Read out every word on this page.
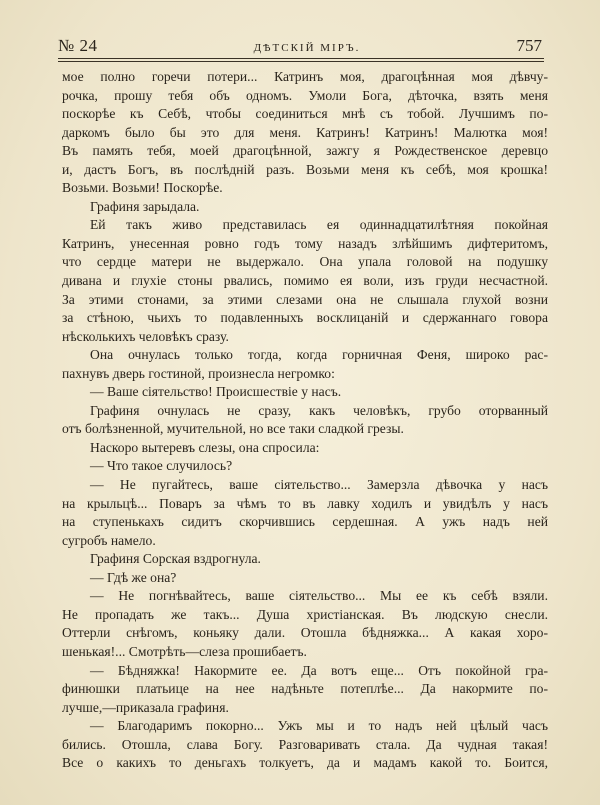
№ 24	ДѢТСКІЙ МІРЪ.	757
мое полно горечи потери... Катринъ моя, драгоцѣнная моя дѣвчу-
рочка, прошу тебя объ одномъ. Умоли Бога, дѣточка, взять меня
поскорѣе къ Себѣ, чтобы соединиться мнѣ съ тобой. Лучшимъ по-
даркомъ было бы это для меня. Катринъ! Катринъ! Малютка моя!
Въ память тебя, моей драгоцѣнной, зажгу я Рождественское деревцо
и, дастъ Богъ, въ послѣдній разъ. Возьми меня къ себѣ, моя крошка!
Возьми. Возьми! Поскорѣе.
Графиня зарыдала.
Ей такъ живо представилась ея одиннадцатилѣтняя покойная
Катринъ, унесенная ровно годъ тому назадъ злѣйшимъ дифтеритомъ,
что сердце матери не выдержало. Она упала головой на подушку
дивана и глухіе стоны рвались, помимо ея воли, изъ груди несчастной.
За этими стонами, за этими слезами она не слышала глухой возни
за стѣною, чьихъ то подавленныхъ восклицаній и сдержаннаго говора
нѣсколькихъ человѣкъ сразу.
Она очнулась только тогда, когда горничная Феня, широко рас-
пахнувъ дверь гостиной, произнесла негромко:
— Ваше сіятельство! Происшествіе у насъ.
Графиня очнулась не сразу, какъ человѣкъ, грубо оторванный
отъ болѣзненной, мучительной, но все таки сладкой грезы.
Наскоро вытеревъ слезы, она спросила:
— Что такое случилось?
— Не пугайтесь, ваше сіятельство... Замерзла дѣвочка у насъ
на крыльцѣ... Поваръ за чѣмъ то въ лавку ходилъ и увидѣлъ у насъ
на ступенькахъ сидитъ скорчившись сердешная. А ужъ надъ ней
сугробъ намело.
Графиня Сорская вздрогнула.
— Гдѣ же она?
— Не погнѣвайтесь, ваше сіятельство... Мы ее къ себѣ взяли.
Не пропадать же такъ... Душа христіанская. Въ людскую снесли.
Оттерли снѣгомъ, коньяку дали. Отошла бѣдняжка... А какая хоро-
шенькая!... Смотрѣть—слеза прошибаетъ.
— Бѣдняжка! Накормите ее. Да вотъ еще... Отъ покойной гра-
финюшки платьице на нее надѣньте потеплѣе... Да накормите по-
лучше,—приказала графиня.
— Благодаримъ покорно... Ужъ мы и то надъ ней цѣлый часъ
бились. Отошла, слава Богу. Разговаривать стала. Да чудная такая!
Все о какихъ то деньгахъ толкуетъ, да и мадамъ какой то. Боится,
